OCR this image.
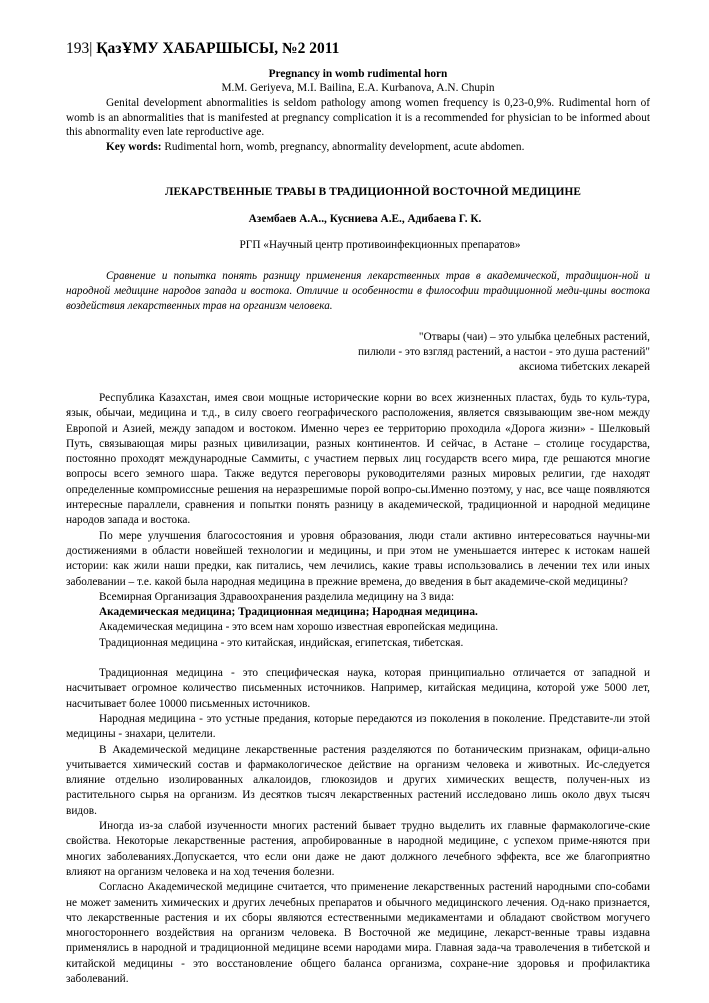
193| ҚазҰМУ ХАБАРШЫСЫ, №2 2011
Pregnancy in womb rudimental horn
M.M. Geriyeva, M.I. Bailina, E.A. Kurbanova, A.N. Chupin

Genital development abnormalities is seldom pathology among women frequency is 0,23-0,9%. Rudimental horn of womb is an abnormalities that is manifested at pregnancy complication it is a recommended for physician to be informed about this abnormality even late reproductive age.

Key words: Rudimental horn, womb, pregnancy, abnormality development, acute abdomen.
ЛЕКАРСТВЕННЫЕ ТРАВЫ В ТРАДИЦИОННОЙ ВОСТОЧНОЙ МЕДИЦИНЕ
Азембаев А.А.., Кусниева А.Е., Адибаева Г. К.
РГП «Научный центр противоинфекционных препаратов»

Сравнение и попытка понять разницу применения лекарственных трав в академической, традицион-ной и народной медицине народов запада и востока. Отличие и особенности в философии традиционной меди-цины востока воздействия лекарственных трав на организм человека.

"Отвары (чаи) – это улыбка целебных растений,
пилюли - это взгляд растений, а настои - это душа растений"
аксиома тибетских лекарей

Республика Казахстан, имея свои мощные исторические корни во всех жизненных пластах, будь то куль-тура, язык, обычаи, медицина и т.д., в силу своего географического расположения, является связывающим зве-ном между Европой и Азией, между западом и востоком. Именно через ее территорию проходила «Дорога жизни» - Шелковый Путь, связывающая миры разных цивилизации, разных континентов. И сейчас, в Астане – столице государства, постоянно проходят международные Саммиты, с участием первых лиц государств всего мира, где решаются многие вопросы всего земного шара. Также ведутся переговоры руководителями разных мировых религии, где находят определенные компромиссные решения на неразрешимые порой вопро-сы.Именно поэтому, у нас, все чаще появляются интересные параллели, сравнения и попытки понять разницу в академической, традиционной и народной медицине народов запада и востока.

По мере улучшения благосостояния и уровня образования, люди стали активно интересоваться научны-ми достижениями в области новейшей технологии и медицины, и при этом не уменьшается интерес к истокам нашей истории: как жили наши предки, как питались, чем лечились, какие травы использовались в лечении тех или иных заболевании – т.е. какой была народная медицина в прежние времена, до введения в быт академиче-ской медицины?

Всемирная Организация Здравоохранения разделила медицину на 3 вида:

Академическая медицина; Традиционная медицина; Народная медицина.

Академическая медицина - это всем нам хорошо известная европейская медицина.

Традиционная медицина - это китайская, индийская, египетская, тибетская.

Традиционная медицина - это специфическая наука, которая принципиально отличается от западной и насчитывает огромное количество письменных источников. Например, китайская медицина, которой уже 5000 лет, насчитывает более 10000 письменных источников.

Народная медицина - это устные предания, которые передаются из поколения в поколение. Представите-ли этой медицины - знахари, целители.

В Академической медицине лекарственные растения разделяются по ботаническим признакам, офици-ально учитывается химический состав и фармакологическое действие на организм человека и животных. Ис-следуется влияние отдельно изолированных алкалоидов, глюкозидов и других химических веществ, получен-ных из растительного сырья на организм. Из десятков тысяч лекарственных растений исследовано лишь около двух тысяч видов.

Иногда из-за слабой изученности многих растений бывает трудно выделить их главные фармакологиче-ские свойства. Некоторые лекарственные растения, апробированные в народной медицине, с успехом приме-няются при многих заболеваниях.Допускается, что если они даже не дают должного лечебного эффекта, все же благоприятно влияют на организм человека и на ход течения болезни.

Согласно Академической медицине считается, что применение лекарственных растений народными спо-собами не может заменить химических и других лечебных препаратов и обычного медицинского лечения. Од-нако признается, что лекарственные растения и их сборы являются естественными медикаментами и обладают свойством могучего многостороннего воздействия на организм человека. В Восточной же медицине, лекарст-венные травы издавна применялись в народной и традиционной медицине всеми народами мира. Главная зада-ча траволечения в тибетской и китайской медицины - это восстановление общего баланса организма, сохране-ние здоровья и профилактика заболеваний.
